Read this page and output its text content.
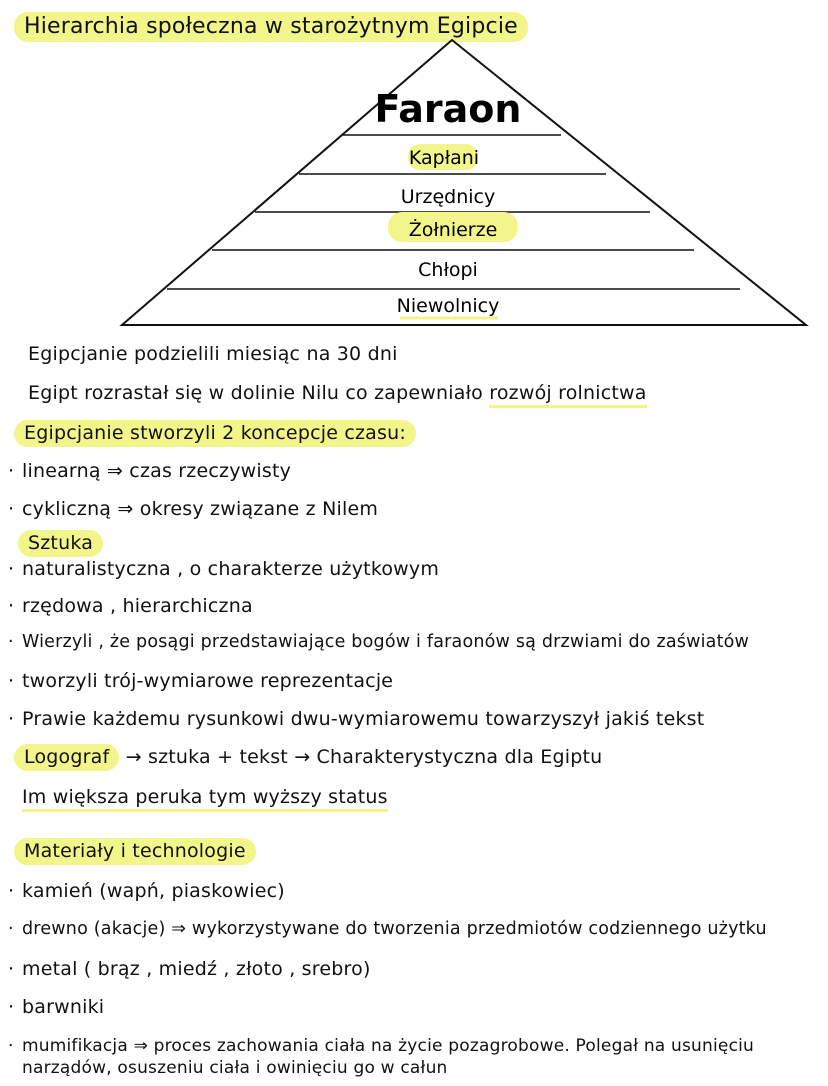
Hierarchia społeczna w starożytnym Egipcie
Faraon
Kapłani
Urzędnicy
Żołnierze
Chłopi
Niewolnicy
Egipcjanie podzielili miesiąc na 30 dni
Egipt rozrastał się w dolinie Nilu co zapewniało rozwój rolnictwa
Egipcjanie stworzyli 2 koncepcje czasu:
· linearną ⇒ czas rzeczywisty
· cykliczną ⇒ okresy związane z Nilem
Sztuka
· naturalistyczna , o charakterze użytkowym
· rzędowa , hierarchiczna
· Wierzyli , że posągi przedstawiające bogów i faraonów są drzwiami do zaświatów
· tworzyli trój-wymiarowe reprezentacje
· Prawie każdemu rysunkowi dwu-wymiarowemu towarzyszył jakiś tekst
Logograf → sztuka + tekst → Charakterystyczna dla Egiptu
Im większa peruka tym wyższy status
Materiały i technologie
· kamień (wapń, piaskowiec)
· drewno (akacje) ⇒ wykorzystywane do tworzenia przedmiotów codziennego użytku
· metal ( brąz , miedź , złoto , srebro)
· barwniki
· mumifikacja ⇒ proces zachowania ciała na życie pozagrobowe. Polegał na usunięciu
narządów, osuszeniu ciała i owinięciu go w całun
